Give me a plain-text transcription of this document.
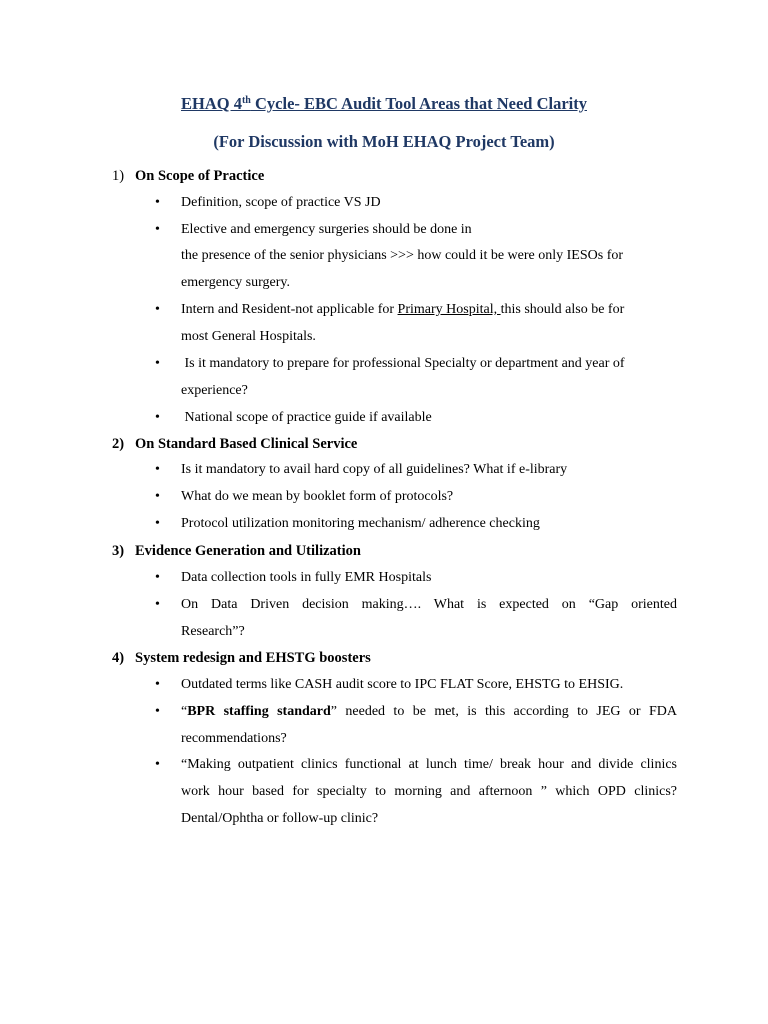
EHAQ 4th Cycle- EBC Audit Tool Areas that Need Clarity
(For Discussion with MoH EHAQ Project Team)
1) On Scope of Practice
• Definition, scope of practice VS JD
• Elective and emergency surgeries should be done in
the presence of the senior physicians >>> how could it be were only IESOs for
emergency surgery.
• Intern and Resident-not applicable for Primary Hospital, this should also be for
most General Hospitals.
• Is it mandatory to prepare for professional Specialty or department and year of
experience?
• National scope of practice guide if available
2) On Standard Based Clinical Service
• Is it mandatory to avail hard copy of all guidelines? What if e-library
• What do we mean by booklet form of protocols?
• Protocol utilization monitoring mechanism/ adherence checking
3) Evidence Generation and Utilization
• Data collection tools in fully EMR Hospitals
• On Data Driven decision making…. What is expected on “Gap oriented
Research”?
4) System redesign and EHSTG boosters
• Outdated terms like CASH audit score to IPC FLAT Score, EHSTG to EHSIG.
• “BPR staffing standard” needed to be met, is this according to JEG or FDA
recommendations?
• “Making outpatient clinics functional at lunch time/ break hour and divide clinics
work hour based for specialty to morning and afternoon ” which OPD clinics?
Dental/Ophtha or follow-up clinic?
